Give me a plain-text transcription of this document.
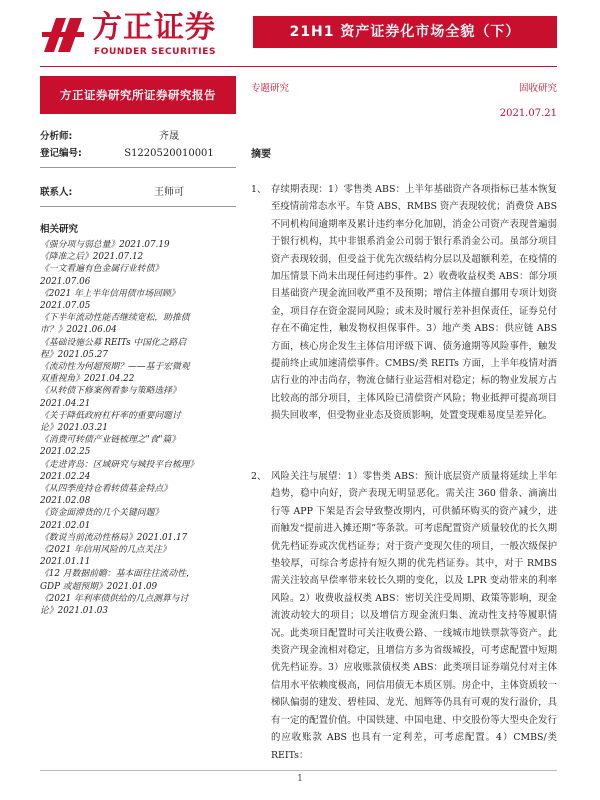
方正证券
FOUNDER SECURITIES
21H1 资产证券化市场全貌（下）
方正证券研究所证券研究报告
分析师:	齐晟
登记编号:	S1220520010001
联系人:	王师可
相关研究
《强分项与弱总量》2021.07.19
《降准之后》2021.07.12
《一文看遍有色金属行业转债》
2021.07.06
《2021 年上半年信用债市场回顾》
2021.07.05
《下半年流动性能否继续宽松，助推债
市？》2021.06.04
《基础设施公募 REITs 中国化之路启
程》2021.05.27
《流动性为何超预期？——基于宏微观
双重视角》2021.04.22
《从转债下修案例看参与策略选择》
2021.04.21
《关于降低政府杠杆率的重要问题讨
论》2021.03.21
《消费可转债产业链梳理之"食"篇》
2021.02.25
《走进青岛：区域研究与城投平台梳理》
2021.02.24
《从四季度持仓看转债基金特点》
2021.02.08
《资金面滞货的几个关键问题》
2021.02.01
《数说当前流动性格局》2021.01.17
《2021 年信用风险的几点关注》
2021.01.11
《12 月数据前瞻：基本面往往流动性，
GDP 或超预期》2021.01.09
《2021 年利率债供给的几点测算与讨
论》2021.01.03
专题研究	固收研究
2021.07.21
摘要
1、 存续期表现：1）零售类 ABS：上半年基础资产各项指标已基本恢复至疫情前常态水平。车贷 ABS、RMBS 资产表现较优；消费贷 ABS 不同机构间逾期率及累计违约率分化加剧，消金公司资产表现普遍弱于银行机构，其中非银系消金公司弱于银行系消金公司。虽部分项目资产表现较弱，但受益于优先次级结构分层以及超额利差，在疫情的加压情景下尚未出现任何违约事件。2）收费收益权类 ABS：部分项目基础资产现金流回收严重不及预期；增信主体擅自挪用专项计划资金，项目存在资金混同风险；或未及时履行差补担保责任，证券兑付存在不确定性，触发物权担保事件。3）地产类 ABS：供应链 ABS 方面，核心房企发生主体信用评级下调、债务逾期等风险事件，触发提前终止或加速清偿事件。CMBS/类 REITs 方面，上半年疫情对酒店行业的冲击尚存，物流仓储行业运营相对稳定；标的物业发展方占比较高的部分项目，主体风险已清偿资产风险；物业抵押可提高项目损失回收率，但受物业业态及资质影响，处置变现难易度呈差异化。
2、 风险关注与展望：1）零售类 ABS：预计底层资产质量将延续上半年趋势，稳中向好，资产表现无明显恶化。需关注 360 借条、滴滴出行等 APP 下架是否会导致整改期内，可供循环购买的资产减少，进而触发“提前进入摊还期”等条款。可考虑配置资产质量较优的长久期优先档证券或次优档证券；对于资产变现欠佳的项目，一般次级保护垫较厚，可综合考虑持有短久期的优先档证券。其中，对于 RMBS 需关注较高早偿率带来较长久期的变化，以及 LPR 变动带来的利率风险。2）收费收益权类 ABS：密切关注受周期、政策等影响，现金流波动较大的项目；以及增信方现金流归集、流动性支持等履职情况。此类项目配置时可关注收费公路、一线城市地铁票款等资产。此类资产现金流相对稳定，且增信方多为省级城投，可考虑配置中短期优先档证券。3）应收账款债权类 ABS：此类项目证券端兑付对主体信用水平依赖度极高，同信用债无本质区别。房企中，主体资质较一梯队偏弱的建发、碧桂园、龙光、旭辉等仍具有可观的发行溢价，具有一定的配置价值。中国铁建、中国电建、中交股份等大型央企发行的应收账款 ABS 也具有一定利差，可考虑配置。4）CMBS/类 REITs：
1
